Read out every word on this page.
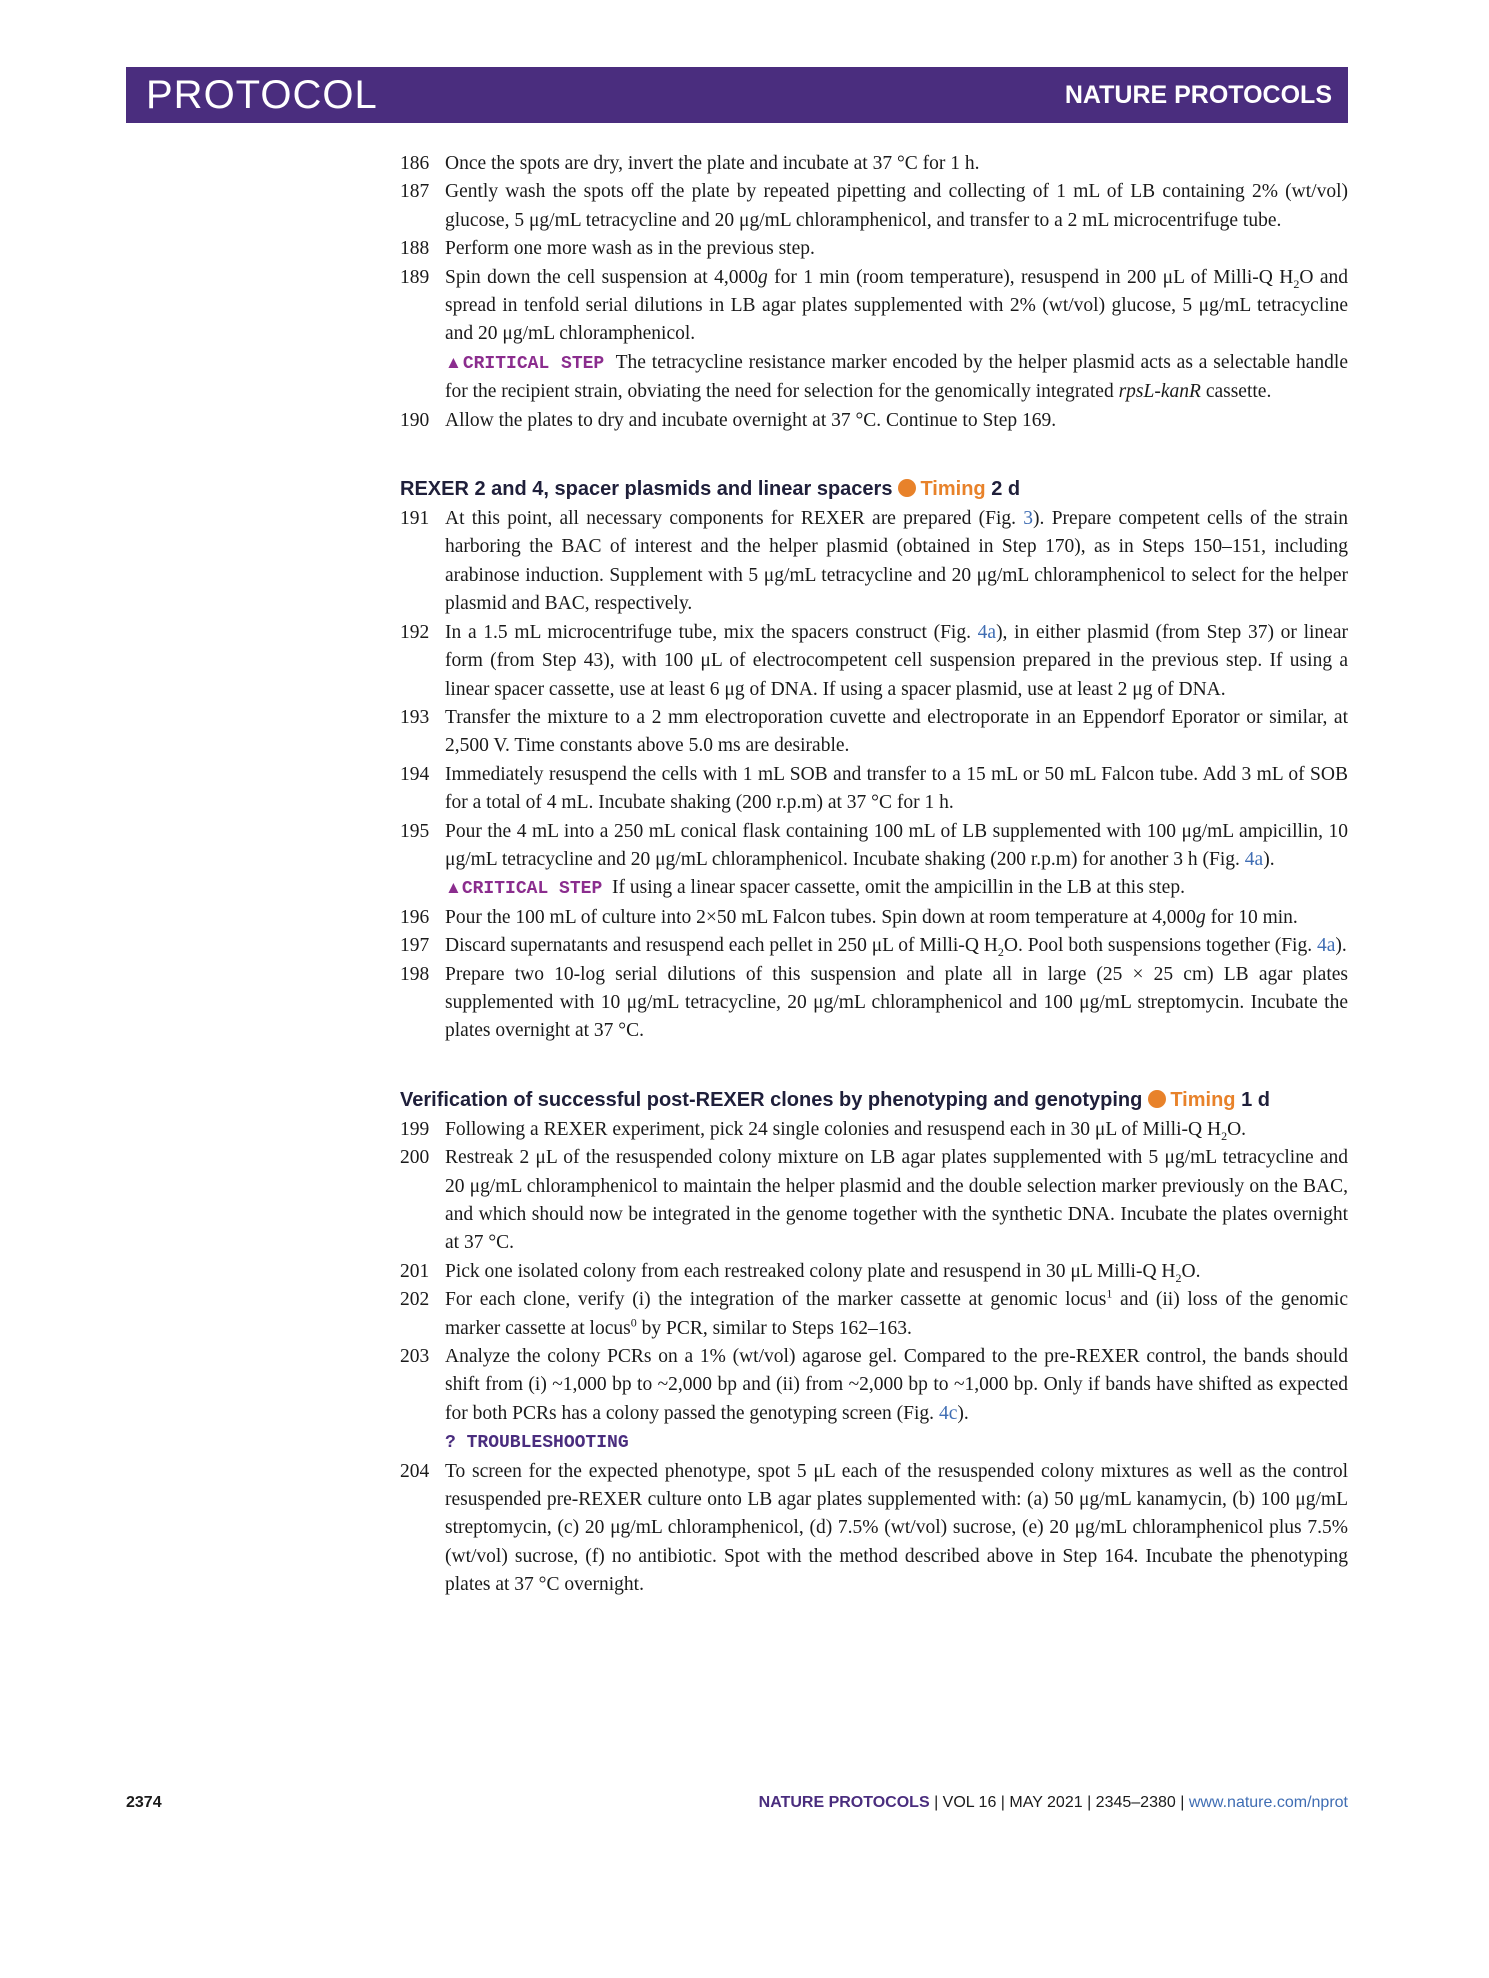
PROTOCOL	NATURE PROTOCOLS
186 Once the spots are dry, invert the plate and incubate at 37 °C for 1 h.
187 Gently wash the spots off the plate by repeated pipetting and collecting of 1 mL of LB containing 2% (wt/vol) glucose, 5 μg/mL tetracycline and 20 μg/mL chloramphenicol, and transfer to a 2 mL microcentrifuge tube.
188 Perform one more wash as in the previous step.
189 Spin down the cell suspension at 4,000g for 1 min (room temperature), resuspend in 200 μL of Milli-Q $H_2O$ and spread in tenfold serial dilutions in LB agar plates supplemented with 2% (wt/vol) glucose, 5 μg/mL tetracycline and 20 μg/mL chloramphenicol.
▲CRITICAL STEP The tetracycline resistance marker encoded by the helper plasmid acts as a selectable handle for the recipient strain, obviating the need for selection for the genomically integrated rpsL-kanR cassette.
190 Allow the plates to dry and incubate overnight at 37 °C. Continue to Step 169.
REXER 2 and 4, spacer plasmids and linear spacers Timing 2 d
191 At this point, all necessary components for REXER are prepared (Fig. 3). Prepare competent cells of the strain harboring the BAC of interest and the helper plasmid (obtained in Step 170), as in Steps 150–151, including arabinose induction. Supplement with 5 μg/mL tetracycline and 20 μg/mL chloramphenicol to select for the helper plasmid and BAC, respectively.
192 In a 1.5 mL microcentrifuge tube, mix the spacers construct (Fig. 4a), in either plasmid (from Step 37) or linear form (from Step 43), with 100 μL of electrocompetent cell suspension prepared in the previous step. If using a linear spacer cassette, use at least 6 μg of DNA. If using a spacer plasmid, use at least 2 μg of DNA.
193 Transfer the mixture to a 2 mm electroporation cuvette and electroporate in an Eppendorf Eporator or similar, at 2,500 V. Time constants above 5.0 ms are desirable.
194 Immediately resuspend the cells with 1 mL SOB and transfer to a 15 mL or 50 mL Falcon tube. Add 3 mL of SOB for a total of 4 mL. Incubate shaking (200 r.p.m) at 37 °C for 1 h.
195 Pour the 4 mL into a 250 mL conical flask containing 100 mL of LB supplemented with 100 μg/mL ampicillin, 10 μg/mL tetracycline and 20 μg/mL chloramphenicol. Incubate shaking (200 r.p.m) for another 3 h (Fig. 4a).
▲CRITICAL STEP If using a linear spacer cassette, omit the ampicillin in the LB at this step.
196 Pour the 100 mL of culture into 2×50 mL Falcon tubes. Spin down at room temperature at 4,000g for 10 min.
197 Discard supernatants and resuspend each pellet in 250 μL of Milli-Q $H_2O$. Pool both suspensions together (Fig. 4a).
198 Prepare two 10-log serial dilutions of this suspension and plate all in large (25 × 25 cm) LB agar plates supplemented with 10 μg/mL tetracycline, 20 μg/mL chloramphenicol and 100 μg/mL streptomycin. Incubate the plates overnight at 37 °C.
Verification of successful post-REXER clones by phenotyping and genotyping Timing 1 d
199 Following a REXER experiment, pick 24 single colonies and resuspend each in 30 μL of Milli-Q $H_2O$.
200 Restreak 2 μL of the resuspended colony mixture on LB agar plates supplemented with 5 μg/mL tetracycline and 20 μg/mL chloramphenicol to maintain the helper plasmid and the double selection marker previously on the BAC, and which should now be integrated in the genome together with the synthetic DNA. Incubate the plates overnight at 37 °C.
201 Pick one isolated colony from each restreaked colony plate and resuspend in 30 μL Milli-Q $H_2O$.
202 For each clone, verify (i) the integration of the marker cassette at genomic locus$^1$ and (ii) loss of the genomic marker cassette at locus$^0$ by PCR, similar to Steps 162–163.
203 Analyze the colony PCRs on a 1% (wt/vol) agarose gel. Compared to the pre-REXER control, the bands should shift from (i) ~1,000 bp to ~2,000 bp and (ii) from ~2,000 bp to ~1,000 bp. Only if bands have shifted as expected for both PCRs has a colony passed the genotyping screen (Fig. 4c).
? TROUBLESHOOTING
204 To screen for the expected phenotype, spot 5 μL each of the resuspended colony mixtures as well as the control resuspended pre-REXER culture onto LB agar plates supplemented with: (a) 50 μg/mL kanamycin, (b) 100 μg/mL streptomycin, (c) 20 μg/mL chloramphenicol, (d) 7.5% (wt/vol) sucrose, (e) 20 μg/mL chloramphenicol plus 7.5% (wt/vol) sucrose, (f) no antibiotic. Spot with the method described above in Step 164. Incubate the phenotyping plates at 37 °C overnight.
2374	NATURE PROTOCOLS | VOL 16 | MAY 2021 | 2345–2380 | www.nature.com/nprot
